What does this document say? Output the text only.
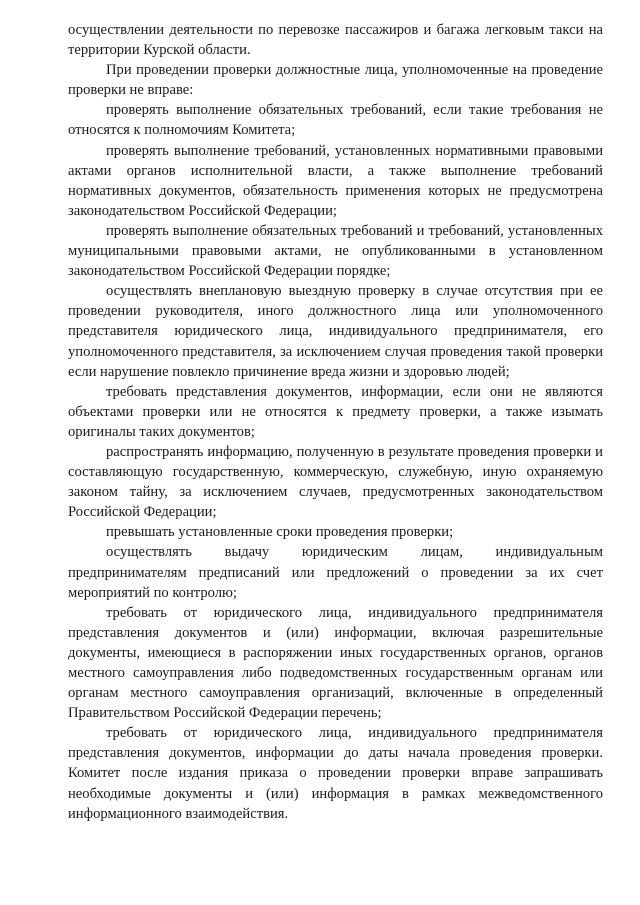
осуществлении деятельности по перевозке пассажиров и багажа легковым такси на территории Курской области.

При проведении проверки должностные лица, уполномоченные на проведение проверки не вправе:

проверять выполнение обязательных требований, если такие требования не относятся к полномочиям Комитета;

проверять выполнение требований, установленных нормативными правовыми актами органов исполнительной власти, а также выполнение требований нормативных документов, обязательность применения которых не предусмотрена законодательством Российской Федерации;

проверять выполнение обязательных требований и требований, установленных муниципальными правовыми актами, не опубликованными в установленном законодательством Российской Федерации порядке;

осуществлять внеплановую выездную проверку в случае отсутствия при ее проведении руководителя, иного должностного лица или уполномоченного представителя юридического лица, индивидуального предпринимателя, его уполномоченного представителя, за исключением случая проведения такой проверки если нарушение повлекло причинение вреда жизни и здоровью людей;

требовать представления документов, информации, если они не являются объектами проверки или не относятся к предмету проверки, а также изымать оригиналы таких документов;

распространять информацию, полученную в результате проведения проверки и составляющую государственную, коммерческую, служебную, иную охраняемую законом тайну, за исключением случаев, предусмотренных законодательством Российской Федерации;

превышать установленные сроки проведения проверки;

осуществлять выдачу юридическим лицам, индивидуальным предпринимателям предписаний или предложений о проведении за их счет мероприятий по контролю;

требовать от юридического лица, индивидуального предпринимателя представления документов и (или) информации, включая разрешительные документы, имеющиеся в распоряжении иных государственных органов, органов местного самоуправления либо подведомственных государственным органам или органам местного самоуправления организаций, включенные в определенный Правительством Российской Федерации перечень;

требовать от юридического лица, индивидуального предпринимателя представления документов, информации до даты начала проведения проверки. Комитет после издания приказа о проведении проверки вправе запрашивать необходимые документы и (или) информация в рамках межведомственного информационного взаимодействия.
